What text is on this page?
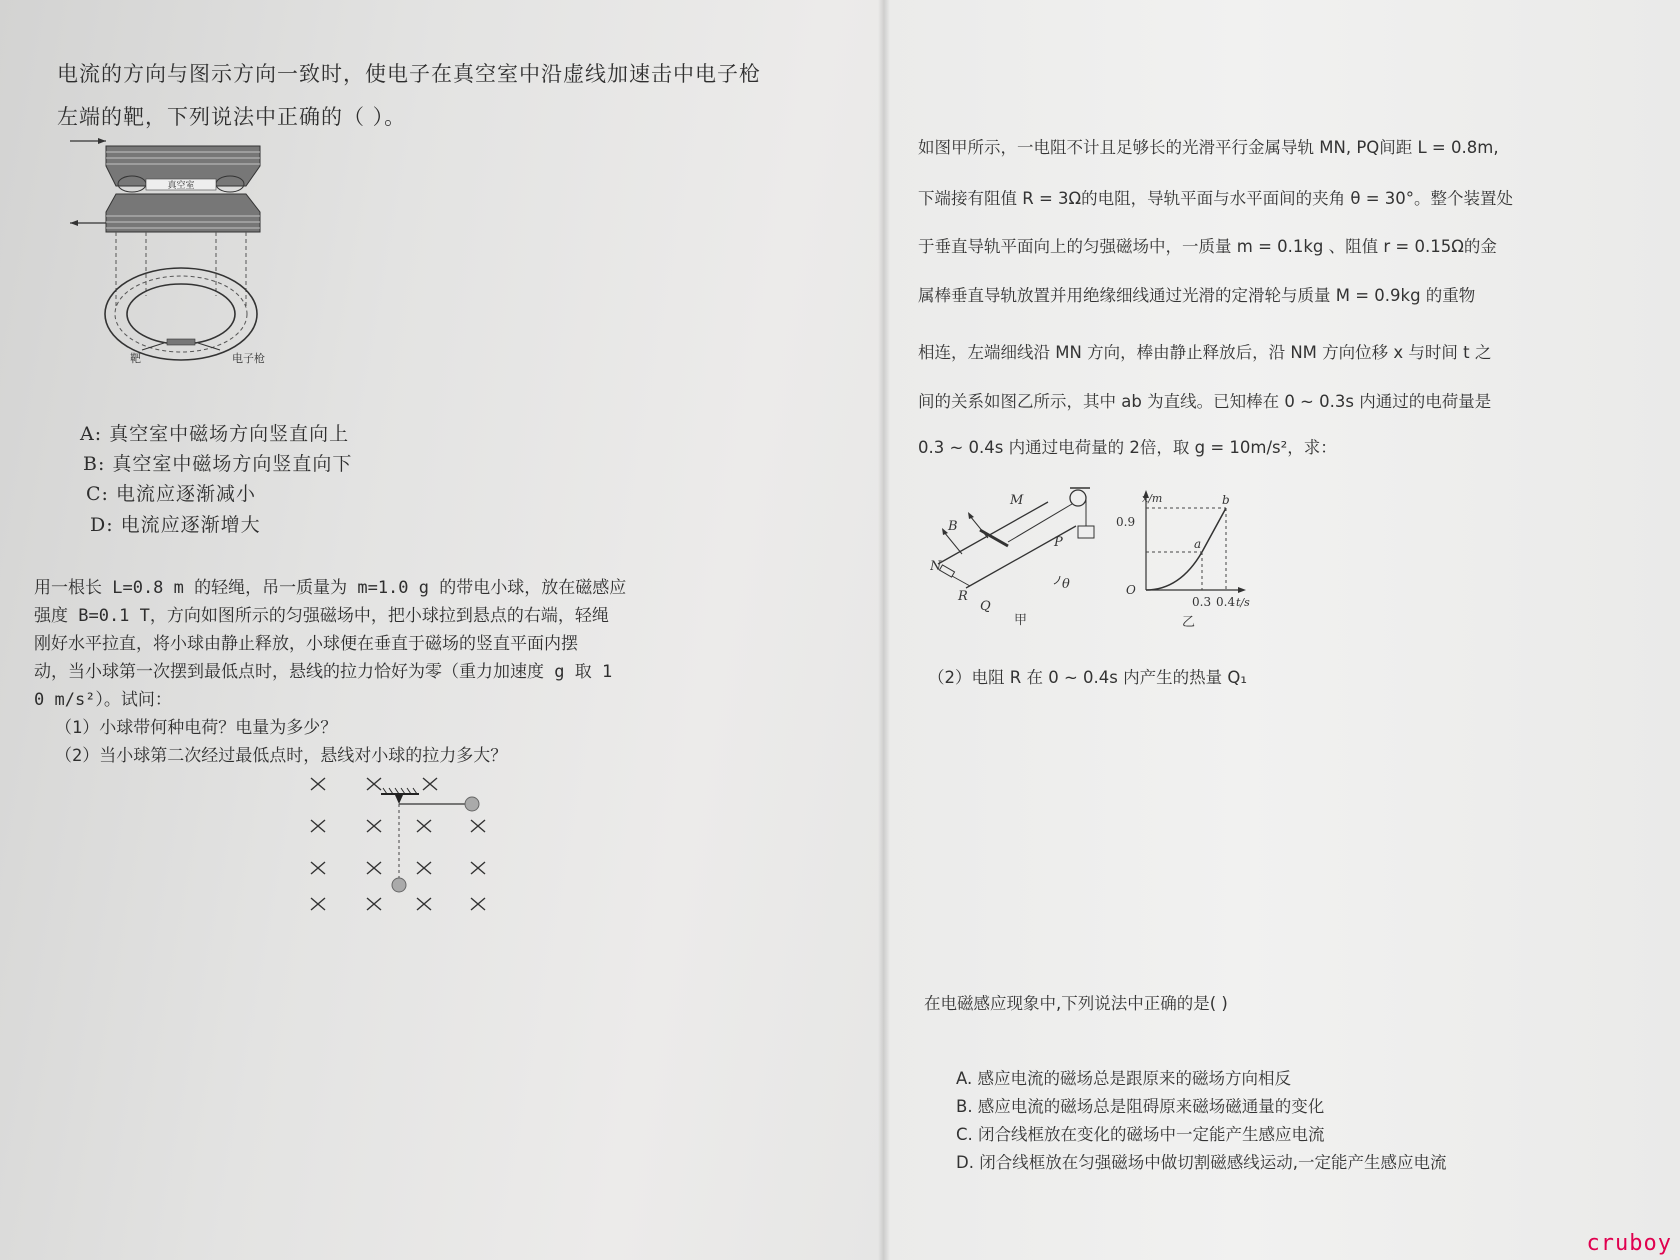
电流的方向与图示方向一致时，使电子在真空室中沿虚线加速击中电子枪
左端的靶，下列说法中正确的（ ）。
真空室
靶	电子枪
A: 真空室中磁场方向竖直向上
B: 真空室中磁场方向竖直向下
C: 电流应逐渐减小
D: 电流应逐渐增大
用一根长 L=0.8 m 的轻绳，吊一质量为 m=1.0 g 的带电小球，放在磁感应
强度 B=0.1 T，方向如图所示的匀强磁场中，把小球拉到悬点的右端，轻绳
刚好水平拉直，将小球由静止释放，小球便在垂直于磁场的竖直平面内摆
动，当小球第一次摆到最低点时，悬线的拉力恰好为零（重力加速度 g 取 1
0 m/s²）。试问：
（1）小球带何种电荷？电量为多少？
（2）当小球第二次经过最低点时，悬线对小球的拉力多大？
如图甲所示，一电阻不计且足够长的光滑平行金属导轨 MN, PQ间距 L = 0.8m,
下端接有阻值 R = 3Ω的电阻，导轨平面与水平面间的夹角 θ = 30°。整个装置处
于垂直导轨平面向上的匀强磁场中，一质量 m = 0.1kg 、阻值 r = 0.15Ω的金
属棒垂直导轨放置并用绝缘细线通过光滑的定滑轮与质量 M = 0.9kg 的重物
相连，左端细线沿 MN 方向，棒由静止释放后，沿 NM 方向位移 x 与时间 t 之
间的关系如图乙所示，其中 ab 为直线。已知棒在 0 ∼ 0.3s 内通过的电荷量是
0.3 ∼ 0.4s 内通过电荷量的 2倍，取 g = 10m/s²，求：
M
B
P
N
R
Q
θ
甲
x/m
0.9
O
0.3 0.4 t/s
a
b
乙
（2）电阻 R 在 0 ∼ 0.4s 内产生的热量 Q₁

在电磁感应现象中,下列说法中正确的是( )
A. 感应电流的磁场总是跟原来的磁场方向相反
B. 感应电流的磁场总是阻碍原来磁场磁通量的变化
C. 闭合线框放在变化的磁场中一定能产生感应电流
D. 闭合线框放在匀强磁场中做切割磁感线运动,一定能产生感应电流
cruboy
